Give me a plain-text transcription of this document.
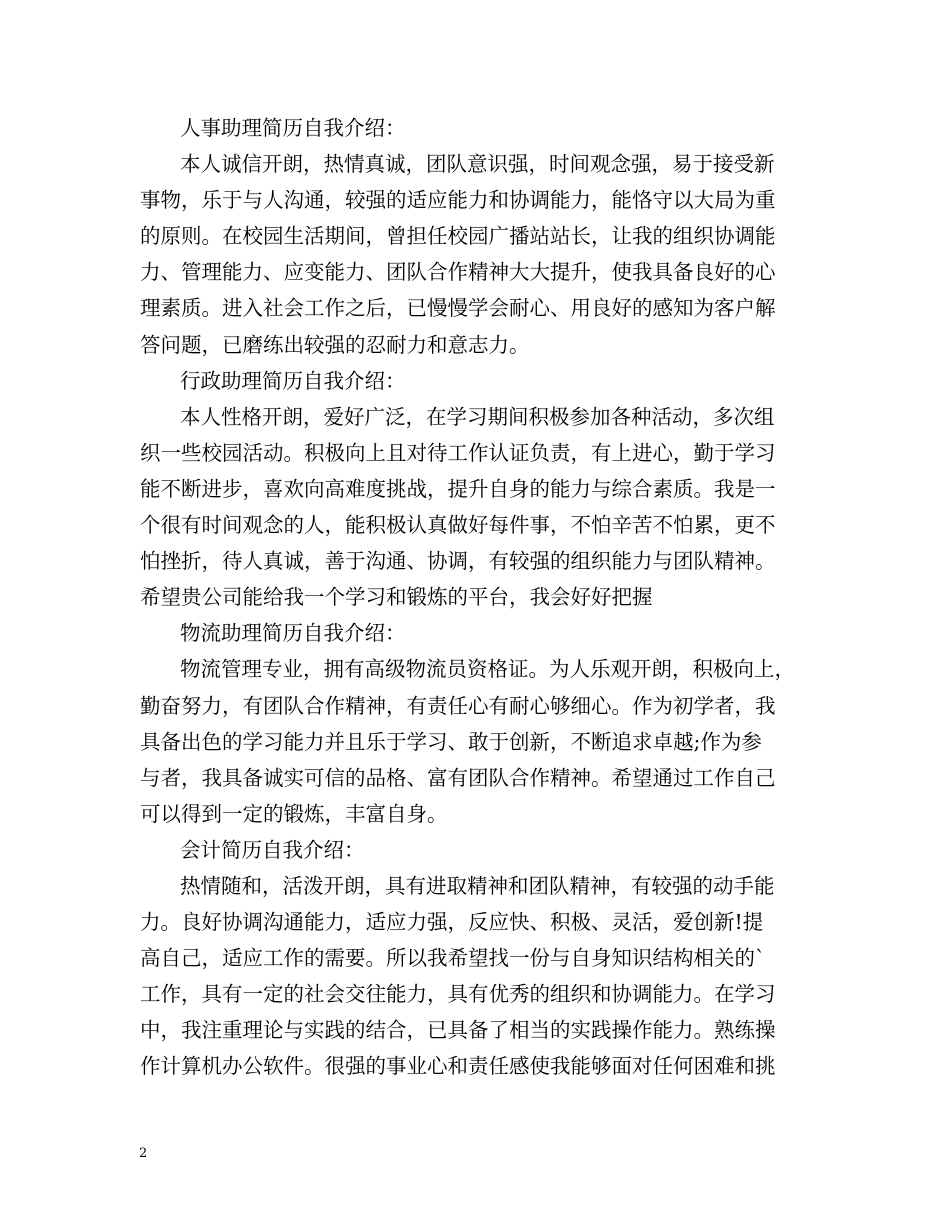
人事助理简历自我介绍：
本人诚信开朗，热情真诚，团队意识强，时间观念强，易于接受新
事物，乐于与人沟通，较强的适应能力和协调能力，能恪守以大局为重
的原则。在校园生活期间，曾担任校园广播站站长，让我的组织协调能
力、管理能力、应变能力、团队合作精神大大提升，使我具备良好的心
理素质。进入社会工作之后，已慢慢学会耐心、用良好的感知为客户解
答问题，已磨练出较强的忍耐力和意志力。
行政助理简历自我介绍：
本人性格开朗，爱好广泛，在学习期间积极参加各种活动，多次组
织一些校园活动。积极向上且对待工作认证负责，有上进心，勤于学习
能不断进步，喜欢向高难度挑战，提升自身的能力与综合素质。我是一
个很有时间观念的人，能积极认真做好每件事，不怕辛苦不怕累，更不
怕挫折，待人真诚，善于沟通、协调，有较强的组织能力与团队精神。
希望贵公司能给我一个学习和锻炼的平台，我会好好把握
物流助理简历自我介绍：
物流管理专业，拥有高级物流员资格证。为人乐观开朗，积极向上，
勤奋努力，有团队合作精神，有责任心有耐心够细心。作为初学者，我
具备出色的学习能力并且乐于学习、敢于创新，不断追求卓越;作为参
与者，我具备诚实可信的品格、富有团队合作精神。希望通过工作自己
可以得到一定的锻炼，丰富自身。
会计简历自我介绍：
热情随和，活泼开朗，具有进取精神和团队精神，有较强的动手能
力。良好协调沟通能力，适应力强，反应快、积极、灵活，爱创新!提
高自己，适应工作的需要。所以我希望找一份与自身知识结构相关的`
工作，具有一定的社会交往能力，具有优秀的组织和协调能力。在学习
中，我注重理论与实践的结合，已具备了相当的实践操作能力。熟练操
作计算机办公软件。很强的事业心和责任感使我能够面对任何困难和挑
2
